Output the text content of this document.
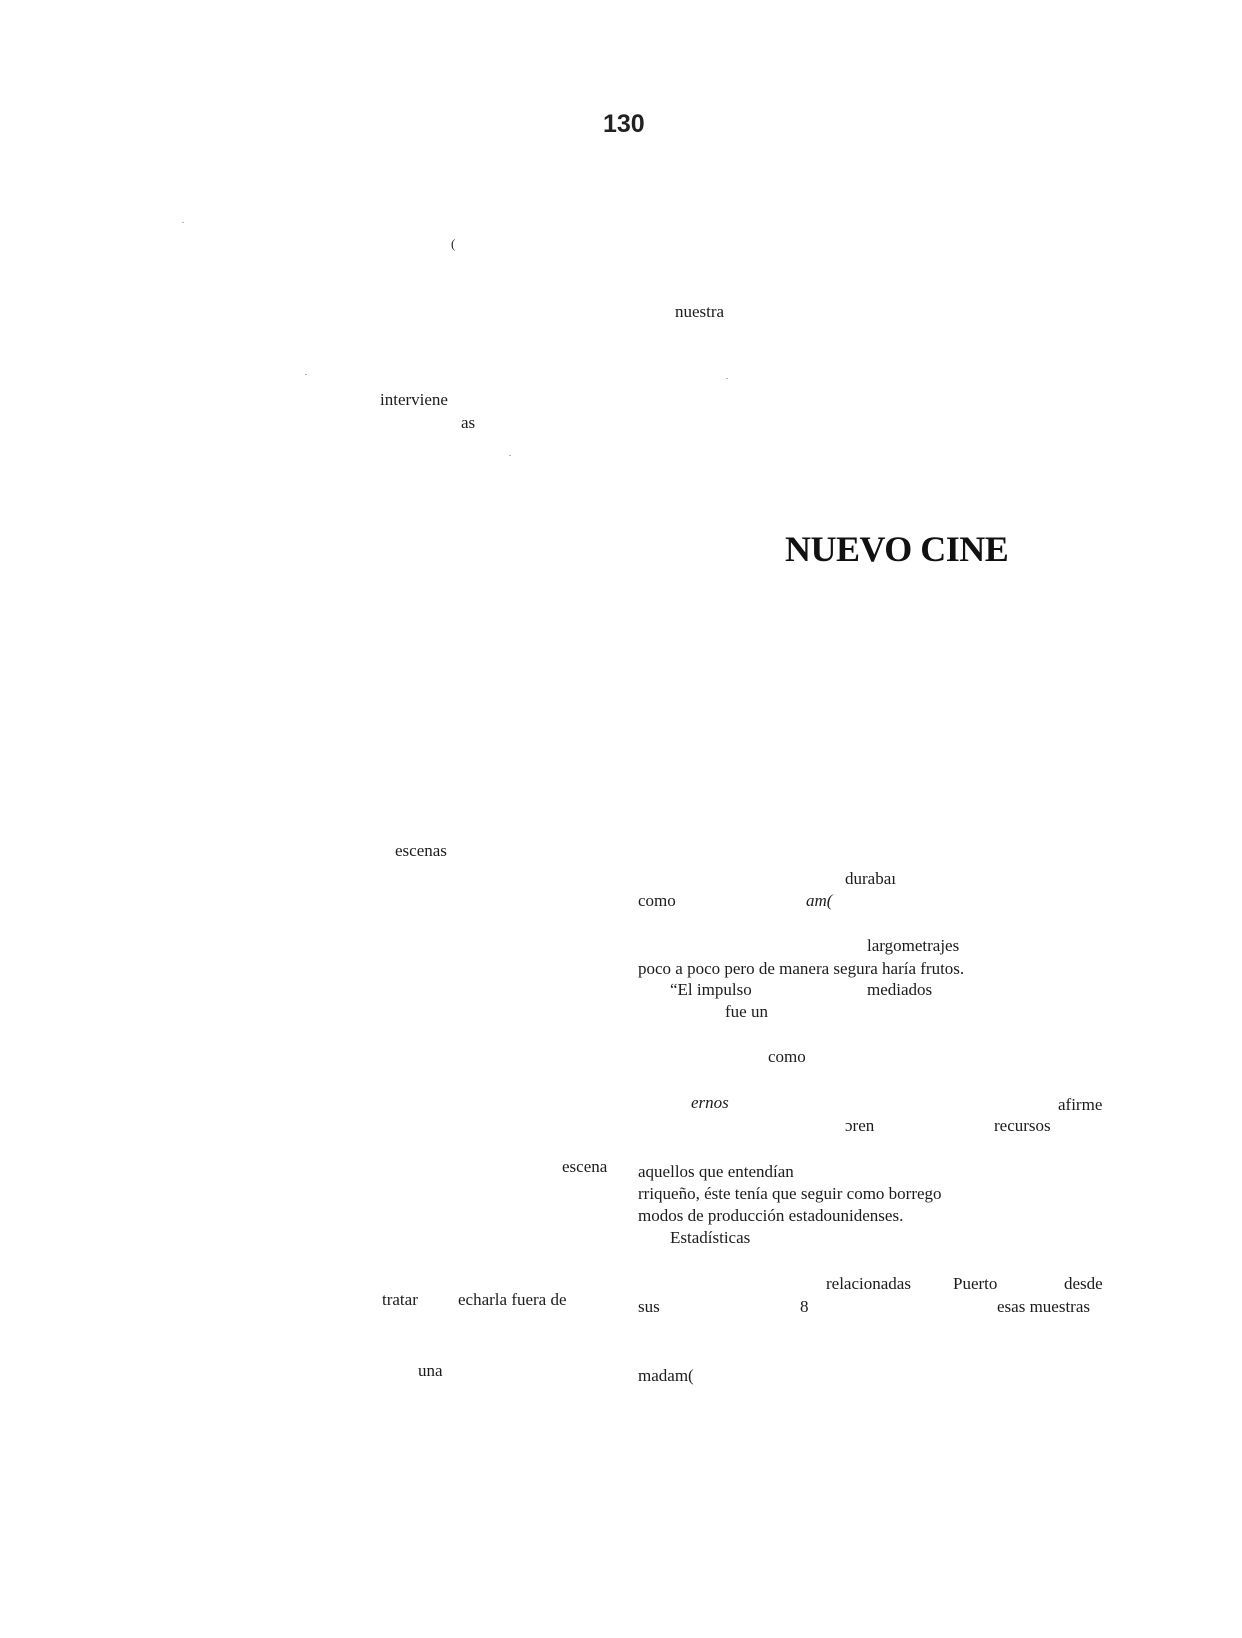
130
(
nuestra
interviene
as
NUEVO CINE
escenas
durabaı
como	am(
largometrajes
poco a poco pero de manera segura haría frutos.
“El impulso	mediados
fue un
como
ernos	afirme
ɔren	recursos
escena aquellos que entendían
rriqueño, éste tenía que seguir como borrego
modos de producción estadounidenses.
Estadísticas
relacionadas Puerto	desde
tratar echarla fuera de	sus	8	esas muestras
una	madam(
